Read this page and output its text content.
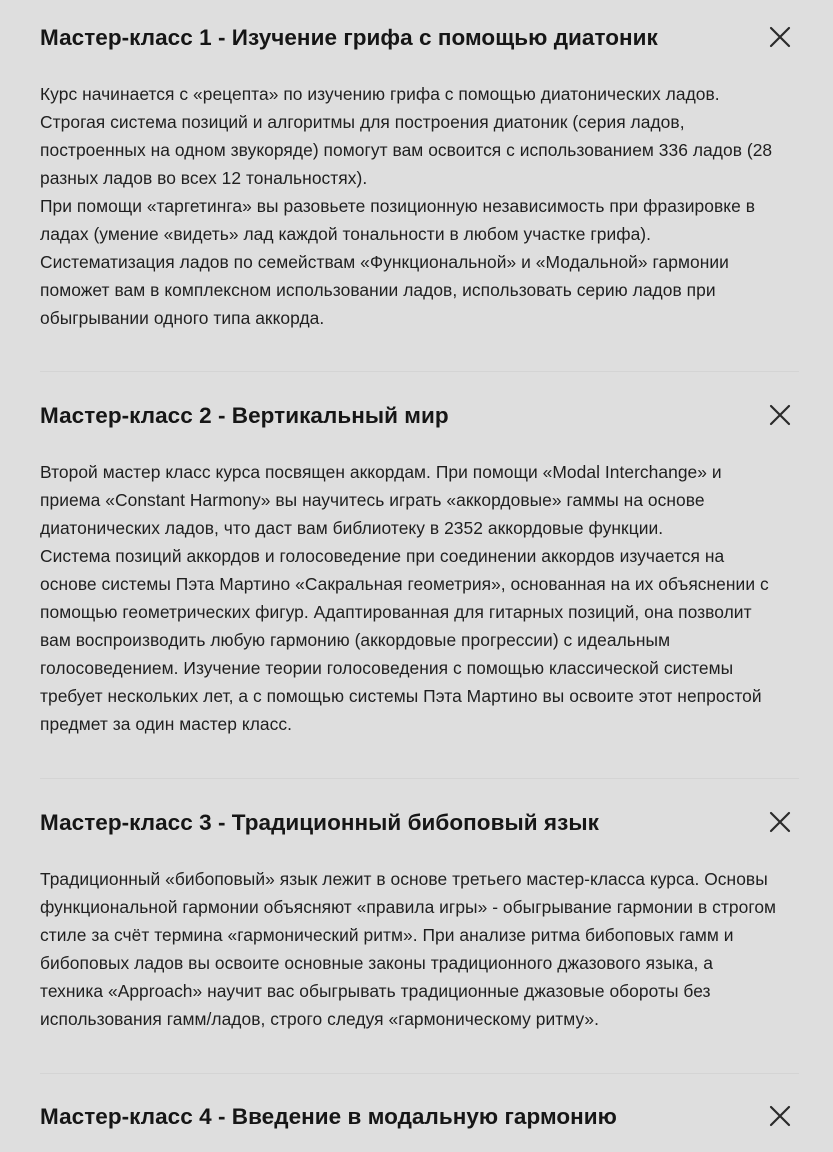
Мастер-класс 1 - Изучение грифа с помощью диатоник

Курс начинается с «рецепта» по изучению грифа с помощью диатонических ладов.

Строгая система позиций и алгоритмы для построения диатоник (серия ладов,

построенных на одном звукоряде) помогут вам освоится с использованием 336 ладов (28

разных ладов во всех 12 тональностях).

При помощи «таргетинга» вы разовьете позиционную независимость при фразировке в

ладах (умение «видеть» лад каждой тональности в любом участке грифа).

Систематизация ладов по семействам «Функциональной» и «Модальной» гармонии

поможет вам в комплексном использовании ладов, использовать серию ладов при

обыгрывании одного типа аккорда.

Мастер-класс 2 - Вертикальный мир

Второй мастер класс курса посвящен аккордам. При помощи «Modal Interchange» и

приема «Constant Harmony» вы научитесь играть «аккордовые» гаммы на основе

диатонических ладов, что даст вам библиотеку в 2352 аккордовые функции.

Система позиций аккордов и голосоведение при соединении аккордов изучается на

основе системы Пэта Мартино «Сакральная геометрия», основанная на их объяснении с

помощью геометрических фигур. Адаптированная для гитарных позиций, она позволит

вам воспроизводить любую гармонию (аккордовые прогрессии) с идеальным

голосоведением. Изучение теории голосоведения с помощью классической системы

требует нескольких лет, а с помощью системы Пэта Мартино вы освоите этот непростой

предмет за один мастер класс.

Мастер-класс 3 - Традиционный бибоповый язык

Традиционный «бибоповый» язык лежит в основе третьего мастер-класса курса. Основы

функциональной гармонии объясняют «правила игры» - обыгрывание гармонии в строгом

стиле за счёт термина «гармонический ритм». При анализе ритма бибоповых гамм и

бибоповых ладов вы освоите основные законы традиционного джазового языка, а

техника «Approach» научит вас обыгрывать традиционные джазовые обороты без

использования гамм/ладов, строго следуя «гармоническому ритму».

Мастер-класс 4 - Введение в модальную гармонию
